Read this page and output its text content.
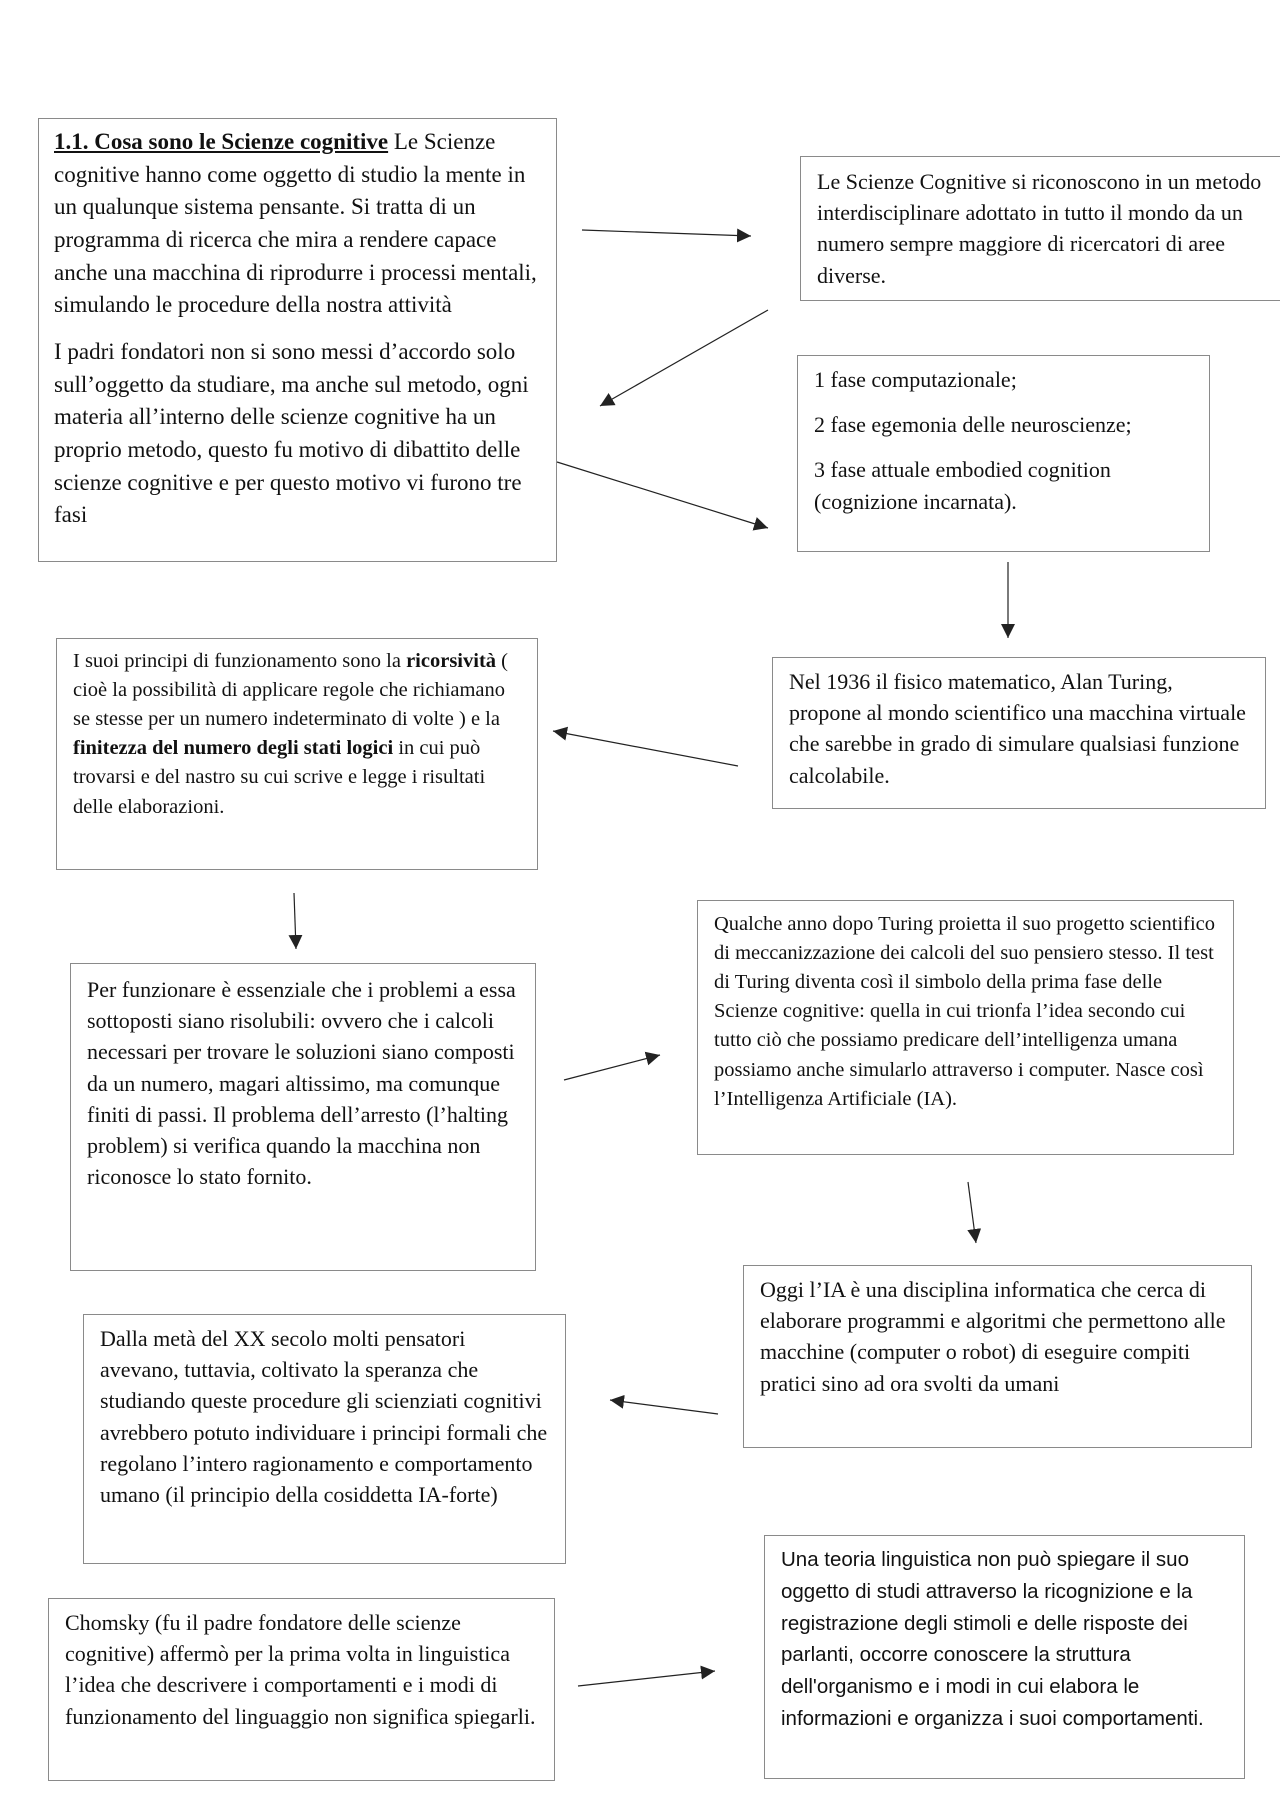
1.1. Cosa sono le Scienze cognitive Le Scienze cognitive hanno come oggetto di studio la mente in un qualunque sistema pensante. Si tratta di un programma di ricerca che mira a rendere capace anche una macchina di riprodurre i processi mentali, simulando le procedure della nostra attività

I padri fondatori non si sono messi d’accordo solo sull’oggetto da studiare, ma anche sul metodo, ogni materia all’interno delle scienze cognitive ha un proprio metodo, questo fu motivo di dibattito delle scienze cognitive e per questo motivo vi furono tre fasi

Le Scienze Cognitive si riconoscono in un metodo interdisciplinare adottato in tutto il mondo da un numero sempre maggiore di ricercatori di aree diverse.

1 fase computazionale;

2 fase egemonia delle neuroscienze;

3 fase attuale embodied cognition (cognizione incarnata).

I suoi principi di funzionamento sono la ricorsività ( cioè la possibilità di applicare regole che richiamano se stesse per un numero indeterminato di volte ) e la finitezza del numero degli stati logici in cui può trovarsi e del nastro su cui scrive e legge i risultati delle elaborazioni.

Nel 1936 il fisico matematico, Alan Turing, propone al mondo scientifico una macchina virtuale che sarebbe in grado di simulare qualsiasi funzione calcolabile.

Per funzionare è essenziale che i problemi a essa sottoposti siano risolubili: ovvero che i calcoli necessari per trovare le soluzioni siano composti da un numero, magari altissimo, ma comunque finiti di passi. Il problema dell’arresto (l’halting problem) si verifica quando la macchina non riconosce lo stato fornito.

Qualche anno dopo Turing proietta il suo progetto scientifico di meccanizzazione dei calcoli del suo pensiero stesso. Il test di Turing diventa così il simbolo della prima fase delle Scienze cognitive: quella in cui trionfa l’idea secondo cui tutto ciò che possiamo predicare dell’intelligenza umana possiamo anche simularlo attraverso i computer. Nasce così l’Intelligenza Artificiale (IA).

Oggi l’IA è una disciplina informatica che cerca di elaborare programmi e algoritmi che permettono alle macchine (computer o robot) di eseguire compiti pratici sino ad ora svolti da umani

Dalla metà del XX secolo molti pensatori avevano, tuttavia, coltivato la speranza che studiando queste procedure gli scienziati cognitivi avrebbero potuto individuare i principi formali che regolano l’intero ragionamento e comportamento umano (il principio della cosiddetta IA-forte)

Chomsky (fu il padre fondatore delle scienze cognitive) affermò per la prima volta in linguistica l’idea che descrivere i comportamenti e i modi di funzionamento del linguaggio non significa spiegarli.

Una teoria linguistica non può spiegare il suo oggetto di studi attraverso la ricognizione e la registrazione degli stimoli e delle risposte dei parlanti, occorre conoscere la struttura dell'organismo e i modi in cui elabora le informazioni e organizza i suoi comportamenti.
